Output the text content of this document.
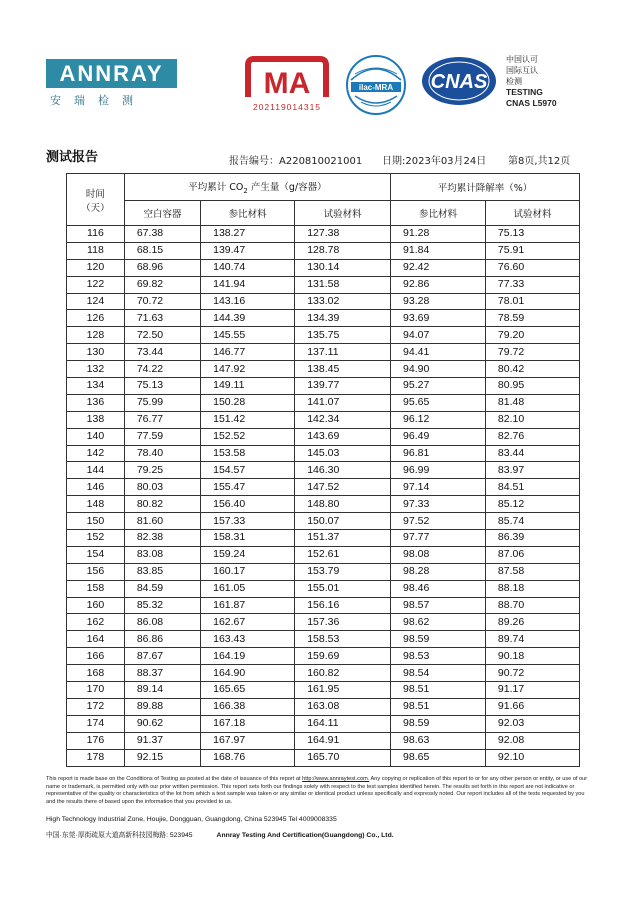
ANNRAY
安瑞检测
MA
202119014315
ilac-MRA CNAS
中国认可
国际互认
检测
TESTING
CNAS L5970
测试报告	报告编号：A220810021001 日期:2023年03月24日 第8页,共12页
时间
（天）	平均累计 $CO_2$ 产生量（g/容器）			平均累计降解率（%）	
	空白容器	参比材料	试验材料	参比材料	试验材料
116	67.38	138.27	127.38	91.28	75.13
118	68.15	139.47	128.78	91.84	75.91
120	68.96	140.74	130.14	92.42	76.60
122	69.82	141.94	131.58	92.86	77.33
124	70.72	143.16	133.02	93.28	78.01
126	71.63	144.39	134.39	93.69	78.59
128	72.50	145.55	135.75	94.07	79.20
130	73.44	146.77	137.11	94.41	79.72
132	74.22	147.92	138.45	94.90	80.42
134	75.13	149.11	139.77	95.27	80.95
136	75.99	150.28	141.07	95.65	81.48
138	76.77	151.42	142.34	96.12	82.10
140	77.59	152.52	143.69	96.49	82.76
142	78.40	153.58	145.03	96.81	83.44
144	79.25	154.57	146.30	96.99	83.97
146	80.03	155.47	147.52	97.14	84.51
148	80.82	156.40	148.80	97.33	85.12
150	81.60	157.33	150.07	97.52	85.74
152	82.38	158.31	151.37	97.77	86.39
154	83.08	159.24	152.61	98.08	87.06
156	83.85	160.17	153.79	98.28	87.58
158	84.59	161.05	155.01	98.46	88.18
160	85.32	161.87	156.16	98.57	88.70
162	86.08	162.67	157.36	98.62	89.26
164	86.86	163.43	158.53	98.59	89.74
166	87.67	164.19	159.69	98.53	90.18
168	88.37	164.90	160.82	98.54	90.72
170	89.14	165.65	161.95	98.51	91.17
172	89.88	166.38	163.08	98.51	91.66
174	90.62	167.18	164.11	98.59	92.03
176	91.37	167.97	164.91	98.63	92.08
178	92.15	168.76	165.70	98.65	92.10
This report is made base on the Conditions of Testing as posted at the date of issuance of this report at http://www.annraytest.com. Any copying or replication of this report to or for any other person or entity, or use of our name or trademark, is permitted only with our prior written permission. This report sets forth our findings solely with respect to the test samples identified herein. The results set forth in this report are not indicative or representative of the quality or characteristics of the lot from which a test sample was taken or any similar or identical product unless specifically and expressly noted. Our report includes all of the tests requested by you and the results there of based upon the information that you provided to us.
High Technology Industrial Zone, Houjie, Dongguan, Guangdong, China 523945 Tel 4009008335
中国·东莞·厚街疏原大道高新科技园梅路: 523945	Annray Testing And Certification(Guangdong) Co., Ltd.
